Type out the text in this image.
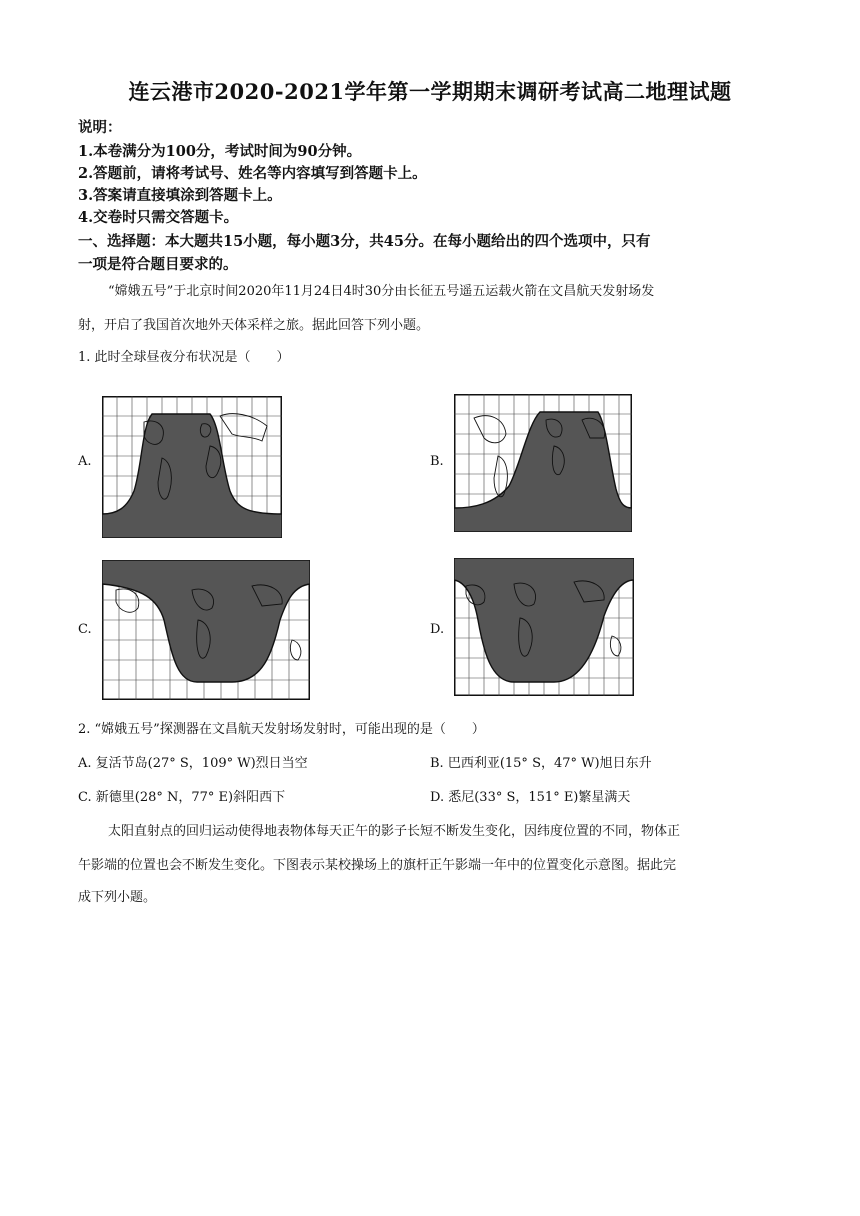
连云港市2020-2021学年第一学期期末调研考试高二地理试题
说明：
1.本卷满分为100分，考试时间为90分钟。
2.答题前，请将考试号、姓名等内容填写到答题卡上。
3.答案请直接填涂到答题卡上。
4.交卷时只需交答题卡。
一、选择题：本大题共15小题，每小题3分，共45分。在每小题给出的四个选项中，只有
一项是符合题目要求的。
“嫦娥五号”于北京时间2020年11月24日4时30分由长征五号遥五运载火箭在文昌航天发射场发
射，开启了我国首次地外天体采样之旅。据此回答下列小题。
1. 此时全球昼夜分布状况是（　　）
A.	B.
C.	D.
2. “嫦娥五号”探测器在文昌航天发射场发射时，可能出现的是（　　）
A. 复活节岛(27° S，109° W)烈日当空	B. 巴西利亚(15° S，47° W)旭日东升
C. 新德里(28° N，77° E)斜阳西下	D. 悉尼(33° S，151° E)繁星满天
太阳直射点的回归运动使得地表物体每天正午的影子长短不断发生变化，因纬度位置的不同，物体正
午影端的位置也会不断发生变化。下图表示某校操场上的旗杆正午影端一年中的位置变化示意图。据此完
成下列小题。
